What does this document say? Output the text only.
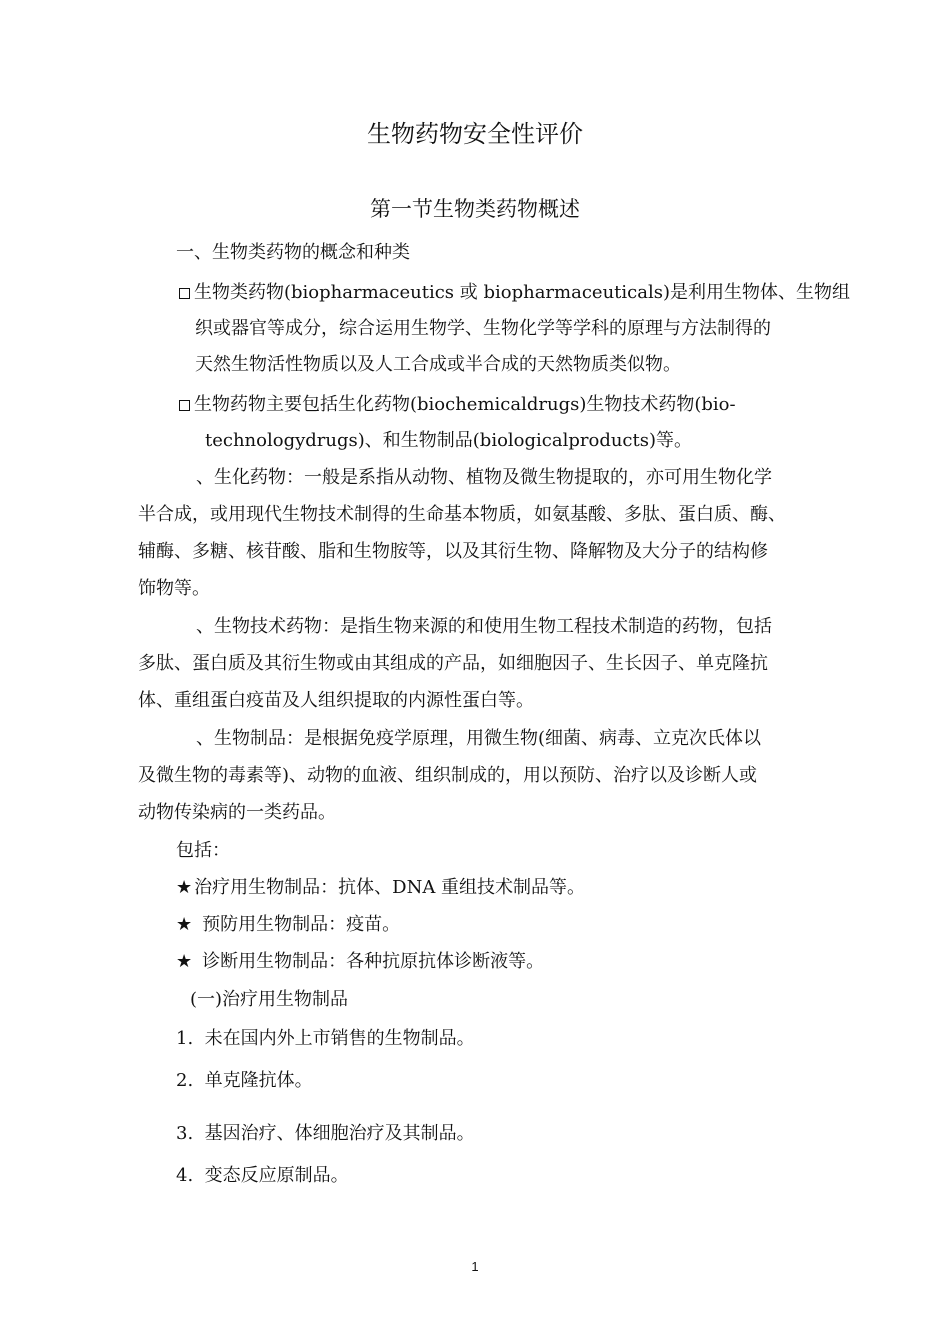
生物药物安全性评价
第一节生物类药物概述
一、生物类药物的概念和种类
生物类药物(biopharmaceutics 或 biopharmaceuticals)是利用生物体、生物组
织或器官等成分，综合运用生物学、生物化学等学科的原理与方法制得的
天然生物活性物质以及人工合成或半合成的天然物质类似物。
生物药物主要包括生化药物(biochemicaldrugs)生物技术药物(bio-
technologydrugs)、和生物制品(biologicalproducts)等。
、生化药物：一般是系指从动物、植物及微生物提取的，亦可用生物化学
半合成，或用现代生物技术制得的生命基本物质，如氨基酸、多肽、蛋白质、酶、
辅酶、多糖、核苷酸、脂和生物胺等，以及其衍生物、降解物及大分子的结构修
饰物等。
、生物技术药物：是指生物来源的和使用生物工程技术制造的药物，包括
多肽、蛋白质及其衍生物或由其组成的产品，如细胞因子、生长因子、单克隆抗
体、重组蛋白疫苗及人组织提取的内源性蛋白等。
、生物制品：是根据免疫学原理，用微生物(细菌、病毒、立克次氏体以
及微生物的毒素等)、动物的血液、组织制成的，用以预防、治疗以及诊断人或
动物传染病的一类药品。
包括：
★ 治疗用生物制品：抗体、DNA 重组技术制品等。
★ 预防用生物制品：疫苗。
★ 诊断用生物制品：各种抗原抗体诊断液等。
(一)治疗用生物制品
1. 未在国内外上市销售的生物制品。
2. 单克隆抗体。
3. 基因治疗、体细胞治疗及其制品。
4. 变态反应原制品。
1
